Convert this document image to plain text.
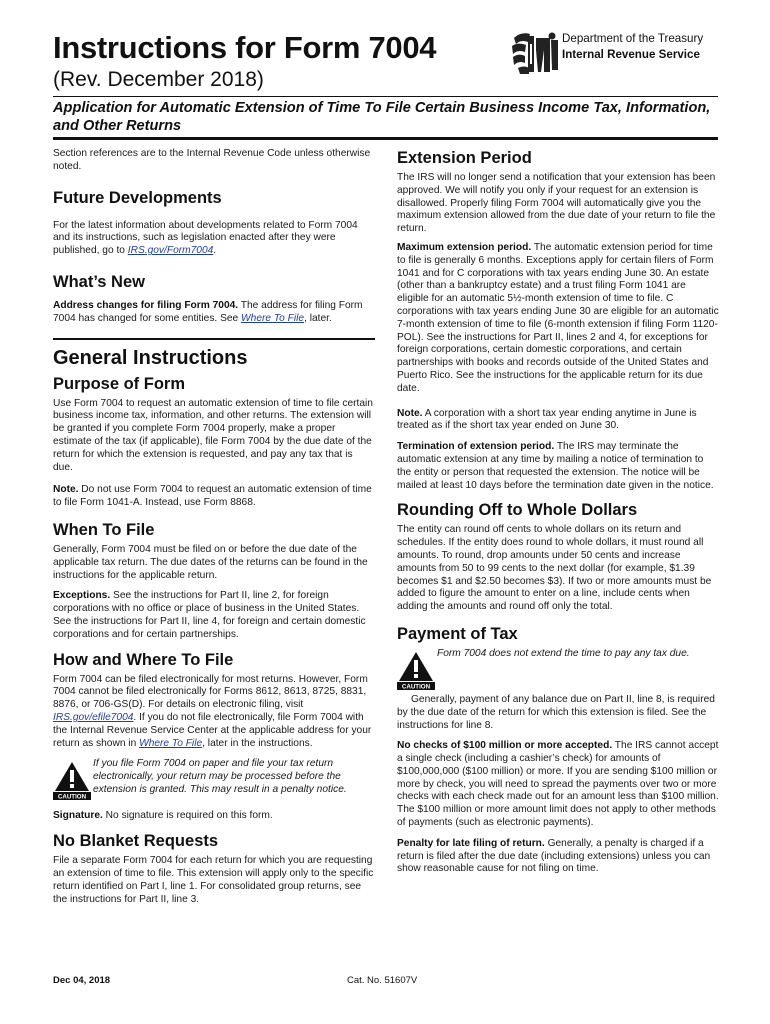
Instructions for Form 7004
(Rev. December 2018)
Application for Automatic Extension of Time To File Certain Business Income Tax, Information, and Other Returns
Department of the Treasury
Internal Revenue Service

Section references are to the Internal Revenue Code unless otherwise noted.

Future Developments

For the latest information about developments related to Form 7004 and its instructions, such as legislation enacted after they were published, go to IRS.gov/Form7004.

What’s New

Address changes for filing Form 7004. The address for filing Form 7004 has changed for some entities. See Where To File, later.

General Instructions
Purpose of Form

Use Form 7004 to request an automatic extension of time to file certain business income tax, information, and other returns. The extension will be granted if you complete Form 7004 properly, make a proper estimate of the tax (if applicable), file Form 7004 by the due date of the return for which the extension is requested, and pay any tax that is due.

Note. Do not use Form 7004 to request an automatic extension of time to file Form 1041-A. Instead, use Form 8868.

When To File

Generally, Form 7004 must be filed on or before the due date of the applicable tax return. The due dates of the returns can be found in the instructions for the applicable return.

Exceptions. See the instructions for Part II, line 2, for foreign corporations with no office or place of business in the United States. See the instructions for Part II, line 4, for foreign and certain domestic corporations and for certain partnerships.

How and Where To File

Form 7004 can be filed electronically for most returns. However, Form 7004 cannot be filed electronically for Forms 8612, 8613, 8725, 8831, 8876, or 706-GS(D). For details on electronic filing, visit IRS.gov/efile7004. If you do not file electronically, file Form 7004 with the Internal Revenue Service Center at the applicable address for your return as shown in Where To File, later in the instructions.

CAUTION

If you file Form 7004 on paper and file your tax return electronically, your return may be processed before the extension is granted. This may result in a penalty notice.

Signature. No signature is required on this form.

No Blanket Requests

File a separate Form 7004 for each return for which you are requesting an extension of time to file. This extension will apply only to the specific return identified on Part I, line 1. For consolidated group returns, see the instructions for Part II, line 3.

Extension Period

The IRS will no longer send a notification that your extension has been approved. We will notify you only if your request for an extension is disallowed. Properly filing Form 7004 will automatically give you the maximum extension allowed from the due date of your return to file the return.

Maximum extension period. The automatic extension period for time to file is generally 6 months. Exceptions apply for certain filers of Form 1041 and for C corporations with tax years ending June 30. An estate (other than a bankruptcy estate) and a trust filing Form 1041 are eligible for an automatic 5½-month extension of time to file. C corporations with tax years ending June 30 are eligible for an automatic 7-month extension of time to file (6-month extension if filing Form 1120-POL). See the instructions for Part II, lines 2 and 4, for exceptions for foreign corporations, certain domestic corporations, and certain partnerships with books and records outside of the United States and Puerto Rico. See the instructions for the applicable return for its due date.

Note. A corporation with a short tax year ending anytime in June is treated as if the short tax year ended on June 30.

Termination of extension period. The IRS may terminate the automatic extension at any time by mailing a notice of termination to the entity or person that requested the extension. The notice will be mailed at least 10 days before the termination date given in the notice.

Rounding Off to Whole Dollars

The entity can round off cents to whole dollars on its return and schedules. If the entity does round to whole dollars, it must round all amounts. To round, drop amounts under 50 cents and increase amounts from 50 to 99 cents to the next dollar (for example, $1.39 becomes $1 and $2.50 becomes $3). If two or more amounts must be added to figure the amount to enter on a line, include cents when adding the amounts and round off only the total.

Payment of Tax
CAUTION

Form 7004 does not extend the time to pay any tax due.

Generally, payment of any balance due on Part II, line 8, is required by the due date of the return for which this extension is filed. See the instructions for line 8.

No checks of $100 million or more accepted. The IRS cannot accept a single check (including a cashier’s check) for amounts of $100,000,000 ($100 million) or more. If you are sending $100 million or more by check, you will need to spread the payments over two or more checks with each check made out for an amount less than $100 million. The $100 million or more amount limit does not apply to other methods of payments (such as electronic payments).

Penalty for late filing of return. Generally, a penalty is charged if a return is filed after the due date (including extensions) unless you can show reasonable cause for not filing on time.

Dec 04, 2018	Cat. No. 51607V
